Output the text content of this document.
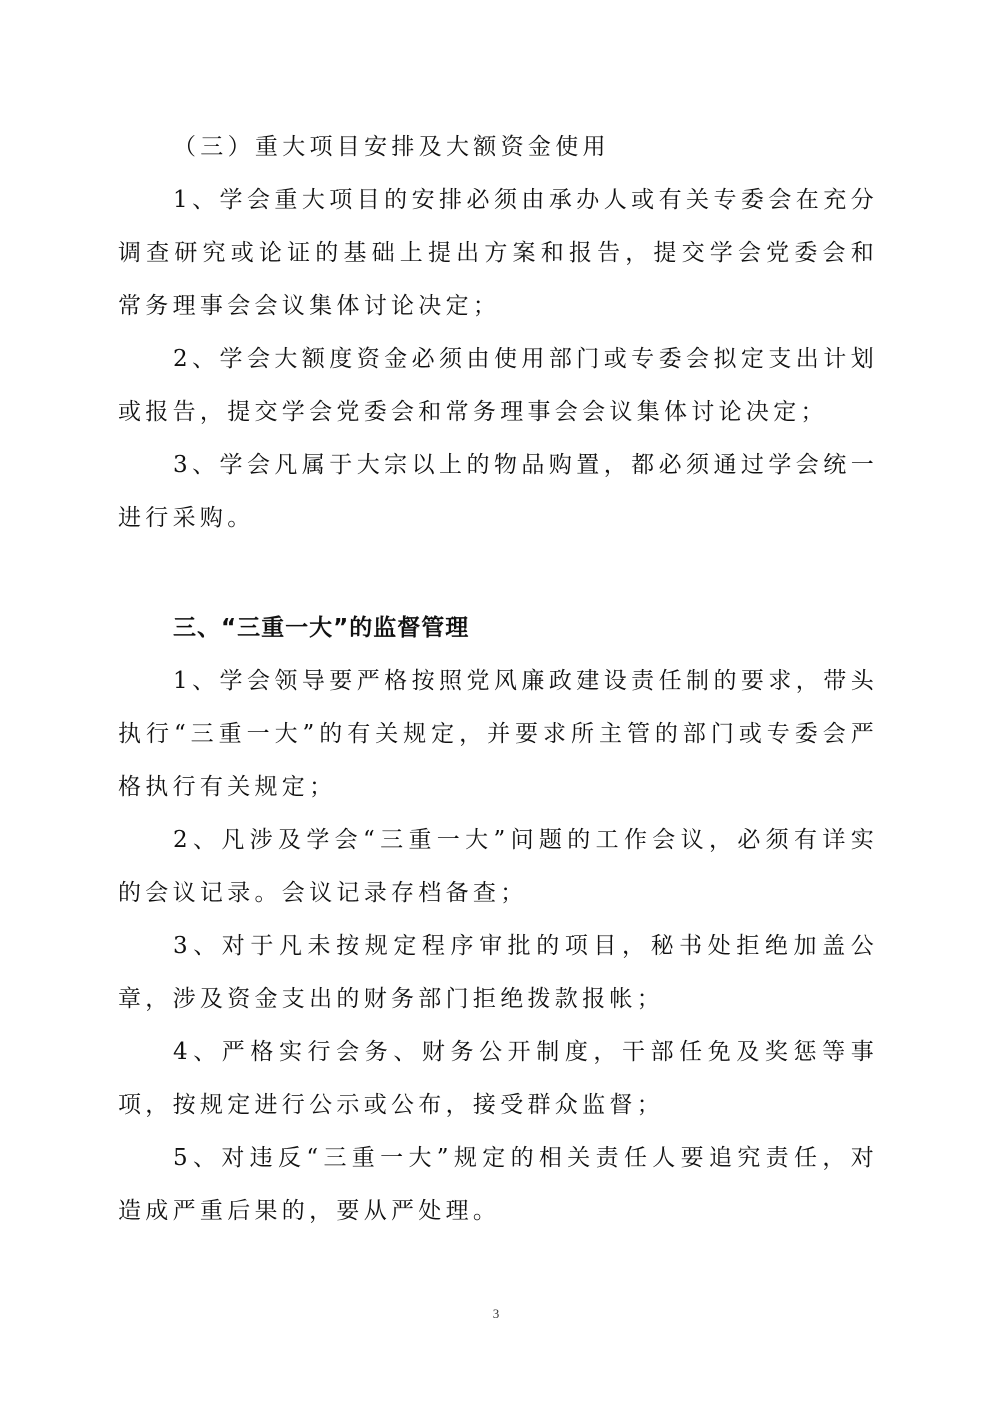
（三）重大项目安排及大额资金使用

1、学会重大项目的安排必须由承办人或有关专委会在充分调查研究或论证的基础上提出方案和报告，提交学会党委会和常务理事会会议集体讨论决定；

2、学会大额度资金必须由使用部门或专委会拟定支出计划或报告，提交学会党委会和常务理事会会议集体讨论决定；

3、学会凡属于大宗以上的物品购置，都必须通过学会统一进行采购。

三、“三重一大”的监督管理

1、学会领导要严格按照党风廉政建设责任制的要求，带头执行“三重一大”的有关规定，并要求所主管的部门或专委会严格执行有关规定；

2、凡涉及学会“三重一大”问题的工作会议，必须有详实的会议记录。会议记录存档备查；

3、对于凡未按规定程序审批的项目，秘书处拒绝加盖公章，涉及资金支出的财务部门拒绝拨款报帐；

4、严格实行会务、财务公开制度，干部任免及奖惩等事项，按规定进行公示或公布，接受群众监督；

5、对违反“三重一大”规定的相关责任人要追究责任，对造成严重后果的，要从严处理。

3
